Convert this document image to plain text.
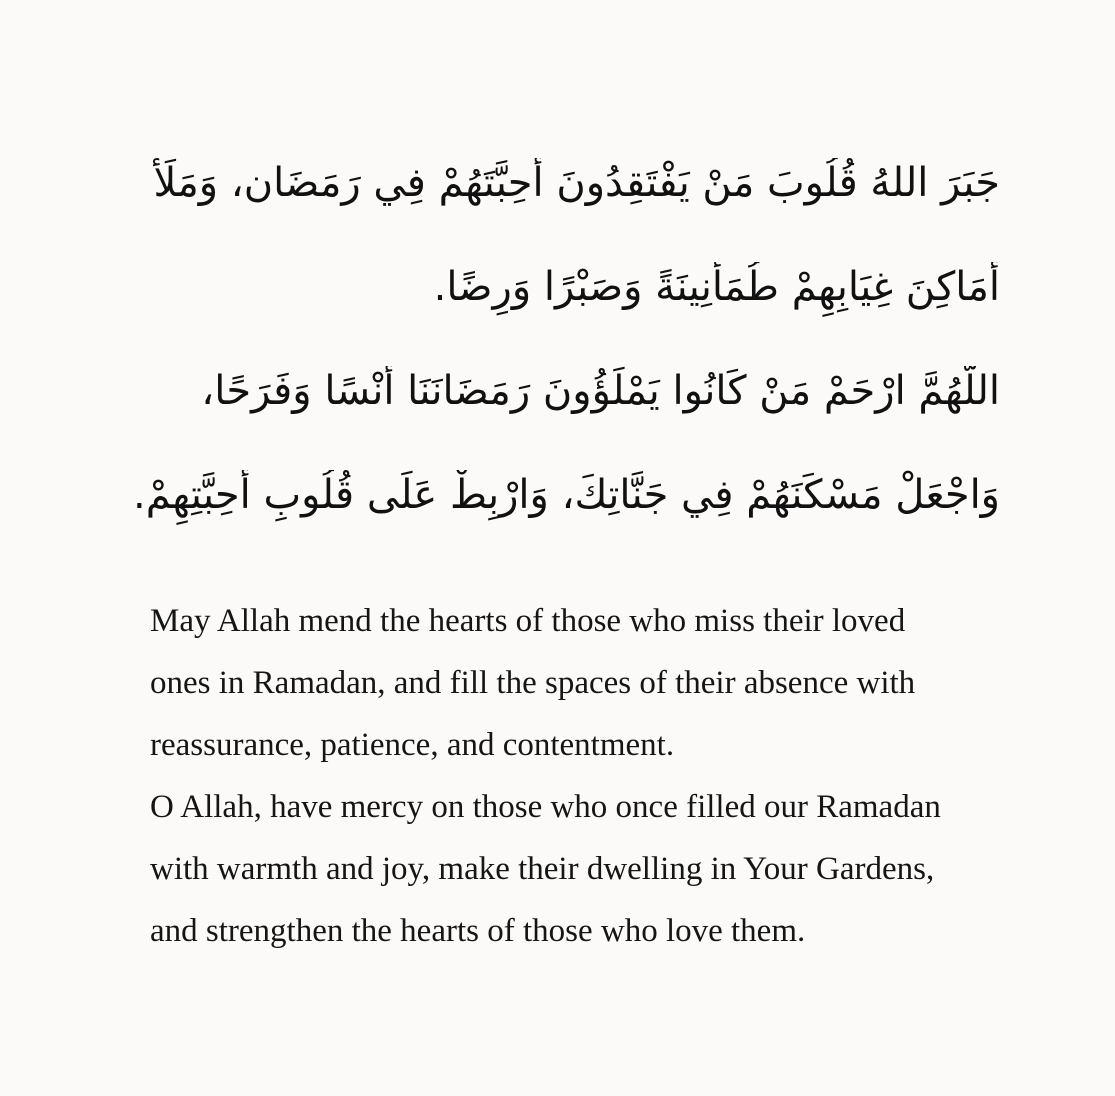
جَبَرَ اللهُ قُلُوبَ مَنْ يَفْتَقِدُونَ أَحِبَّتَهُمْ فِي رَمَضَان، وَمَلَأَ
أَمَاكِنَ غِيَابِهِمْ طُمَأْنِينَةً وَصَبْرًا وَرِضًا.
اللَّهُمَّ ارْحَمْ مَنْ كَانُوا يَمْلَؤُونَ رَمَضَانَنَا أُنْسًا وَفَرَحًا،
وَاجْعَلْ مَسْكَنَهُمْ فِي جَنَّاتِكَ، وَارْبِطْ عَلَى قُلُوبِ أَحِبَّتِهِمْ.
May Allah mend the hearts of those who miss their loved
ones in Ramadan, and fill the spaces of their absence with
reassurance, patience, and contentment.
O Allah, have mercy on those who once filled our Ramadan
with warmth and joy, make their dwelling in Your Gardens,
and strengthen the hearts of those who love them.
